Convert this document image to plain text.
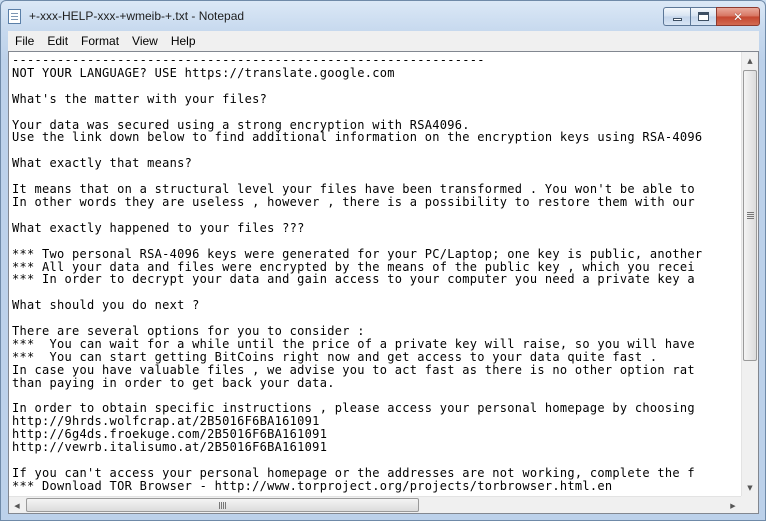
+-xxx-HELP-xxx-+wmeib-+.txt - Notepad	✕
File	Edit	Format	View	Help
---------------------------------------------------------------
NOT YOUR LANGUAGE? USE https://translate.google.com

What's the matter with your files?

Your data was secured using a strong encryption with RSA4096.
Use the link down below to find additional information on the encryption keys using RSA-4096

What exactly that means?

It means that on a structural level your files have been transformed . You won't be able to
In other words they are useless , however , there is a possibility to restore them with our

What exactly happened to your files ???

*** Two personal RSA-4096 keys were generated for your PC/Laptop; one key is public, another
*** All your data and files were encrypted by the means of the public key , which you recei
*** In order to decrypt your data and gain access to your computer you need a private key a

What should you do next ?

There are several options for you to consider :
***  You can wait for a while until the price of a private key will raise, so you will have
***  You can start getting BitCoins right now and get access to your data quite fast .
In case you have valuable files , we advise you to act fast as there is no other option rat
than paying in order to get back your data.

In order to obtain specific instructions , please access your personal homepage by choosing
http://9hrds.wolfcrap.at/2B5016F6BA161091
http://6g4ds.froekuge.com/2B5016F6BA161091
http://vewrb.italisumo.at/2B5016F6BA161091

If you can't access your personal homepage or the addresses are not working, complete the f
*** Download TOR Browser - http://www.torproject.org/projects/torbrowser.html.en

▲
▼
◀	▶
